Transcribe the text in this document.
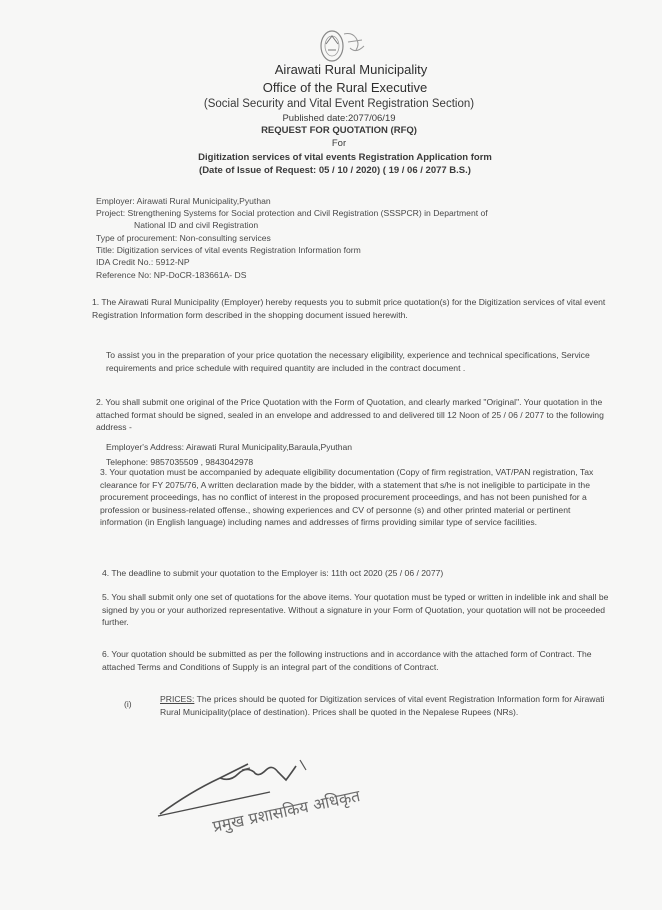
Airawati Rural Municipality
Office of the Rural Executive
(Social Security and Vital Event Registration Section)
Published date:2077/06/19
REQUEST FOR QUOTATION (RFQ)
For
Digitization services of vital events Registration Application form
(Date of Issue of Request: 05 / 10 / 2020) ( 19 / 06 / 2077 B.S.)
Employer: Airawati Rural Municipality,Pyuthan
Project: Strengthening Systems for Social protection and Civil Registration (SSSPCR) in Department of
National ID and civil Registration
Type of procurement: Non-consulting services
Title: Digitization services of vital events Registration Information form
IDA Credit No.: 5912-NP
Reference No: NP-DoCR-183661A- DS
1. The Airawati Rural Municipality (Employer) hereby requests you to submit price quotation(s) for the Digitization services of vital event Registration Information form described in the shopping document issued herewith.
To assist you in the preparation of your price quotation the necessary eligibility, experience and technical specifications, Service requirements and price schedule with required quantity are included in the contract document .
2. You shall submit one original of the Price Quotation with the Form of Quotation, and clearly marked "Original". Your quotation in the attached format should be signed, sealed in an envelope and addressed to and delivered till 12 Noon of 25 / 06 / 2077 to the following address -
Employer's Address: Airawati Rural Municipality,Baraula,Pyuthan
Telephone: 9857035509 , 9843042978
3. Your quotation must be accompanied by adequate eligibility documentation (Copy of firm registration, VAT/PAN registration, Tax clearance for FY 2075/76, A written declaration made by the bidder, with a statement that s/he is not ineligible to participate in the procurement proceedings, has no conflict of interest in the proposed procurement proceedings, and has not been punished for a profession or business-related offense., showing experiences and CV of personne (s) and other printed material or pertinent information (in English language) including names and addresses of firms providing similar type of service facilities.
4. The deadline to submit your quotation to the Employer is: 11th oct 2020 (25 / 06 / 2077)
5. You shall submit only one set of quotations for the above items. Your quotation must be typed or written in indelible ink and shall be signed by you or your authorized representative. Without a signature in your Form of Quotation, your quotation will not be proceeded further.
6. Your quotation should be submitted as per the following instructions and in accordance with the attached form of Contract. The attached Terms and Conditions of Supply is an integral part of the conditions of Contract.
(i)	PRICES: The prices should be quoted for Digitization services of vital event Registration Information form for Airawati Rural Municipality(place of destination). Prices shall be quoted in the Nepalese Rupees (NRs).
प्रमुख प्रशासकिय अधिकृत
